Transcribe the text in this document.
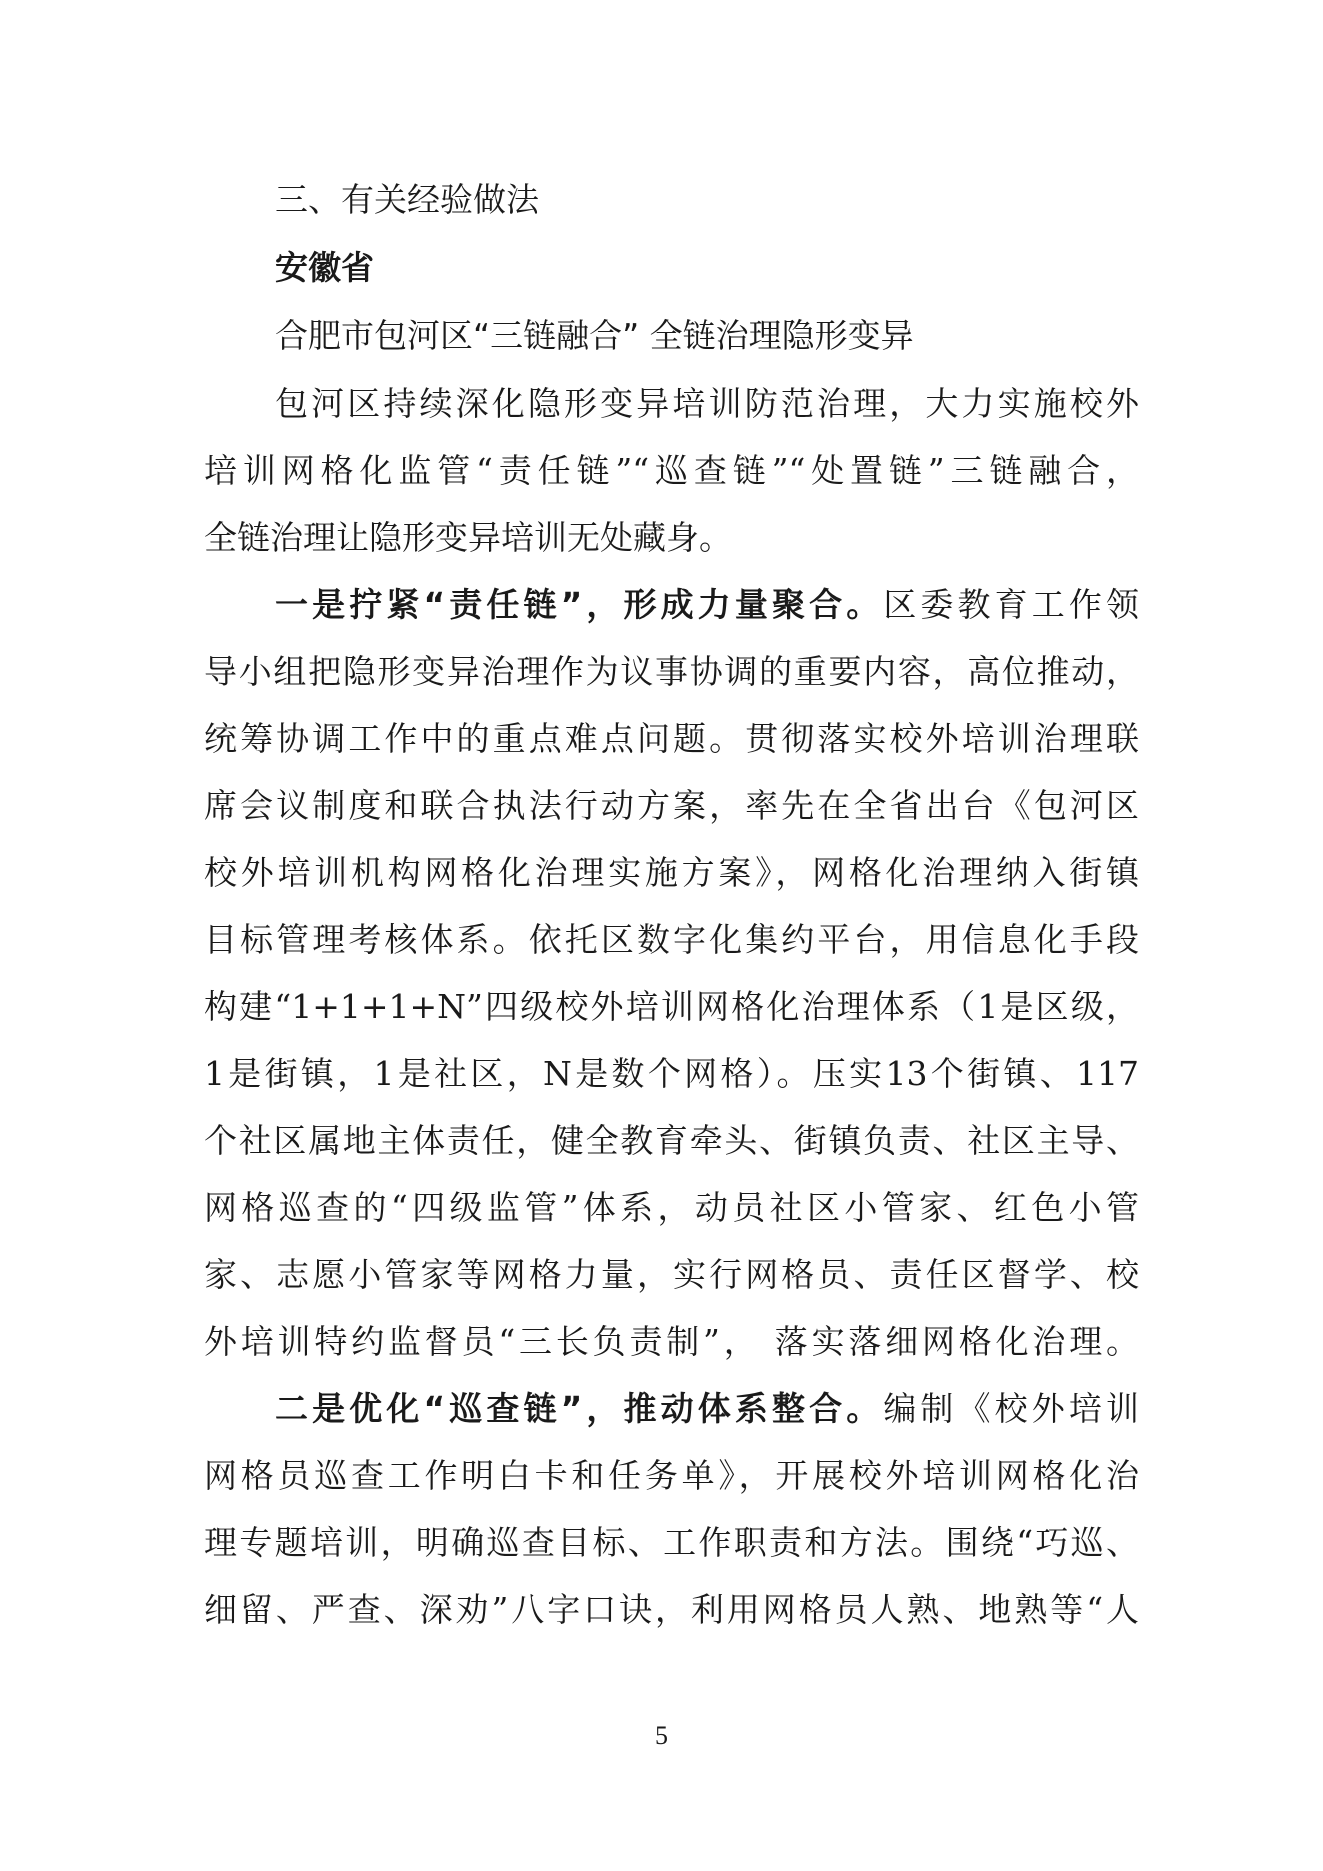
三、有关经验做法
安徽省
合肥市包河区“三链融合” 全链治理隐形变异
包河区持续深化隐形变异培训防范治理，大力实施校外
培训网格化监管“责任链”“巡查链”“处置链”三链融合，
全链治理让隐形变异培训无处藏身。
一是拧紧“责任链”，形成力量聚合。区委教育工作领
导小组把隐形变异治理作为议事协调的重要内容，高位推动，
统筹协调工作中的重点难点问题。贯彻落实校外培训治理联
席会议制度和联合执法行动方案，率先在全省出台《包河区
校外培训机构网格化治理实施方案》，网格化治理纳入街镇
目标管理考核体系。依托区数字化集约平台，用信息化手段
构建“1+1+1+N”四级校外培训网格化治理体系（1是区级，
1是街镇，1是社区，N是数个网格）。压实13个街镇、117
个社区属地主体责任，健全教育牵头、街镇负责、社区主导、
网格巡查的“四级监管”体系，动员社区小管家、红色小管
家、志愿小管家等网格力量，实行网格员、责任区督学、校
外培训特约监督员“三长负责制”， 落实落细网格化治理。
二是优化“巡查链”，推动体系整合。编制《校外培训
网格员巡查工作明白卡和任务单》，开展校外培训网格化治
理专题培训，明确巡查目标、工作职责和方法。围绕“巧巡、
细留、严查、深劝”八字口诀，利用网格员人熟、地熟等“人
5
